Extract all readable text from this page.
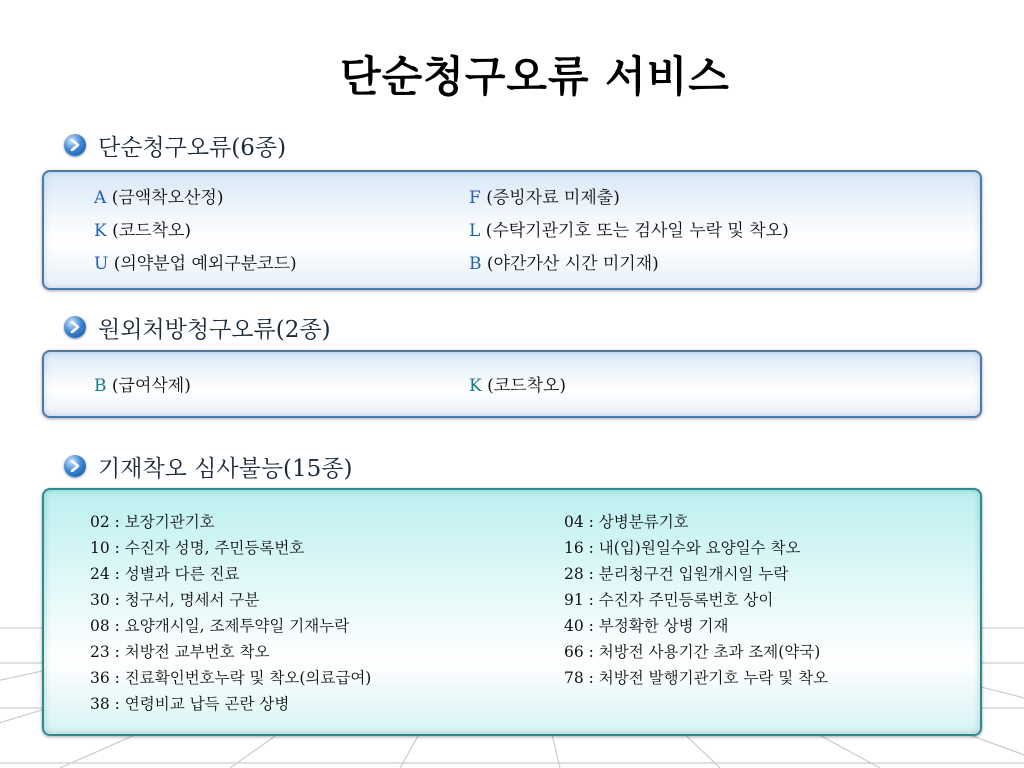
단순청구오류 서비스
단순청구오류(6종)
A (금액착오산정)
K (코드착오)
U (의약분업 예외구분코드)
F (증빙자료 미제출)
L (수탁기관기호 또는 검사일 누락 및 착오)
B (야간가산 시간 미기재)
원외처방청구오류(2종)
B (급여삭제)	K (코드착오)
기재착오 심사불능(15종)
02 : 보장기관기호
10 : 수진자 성명, 주민등록번호
24 : 성별과 다른 진료
30 : 청구서, 명세서 구분
08 : 요양개시일, 조제투약일 기재누락
23 : 처방전 교부번호 착오
36 : 진료확인번호누락 및 착오(의료급여)
38 : 연령비교 납득 곤란 상병
04 : 상병분류기호
16 : 내(입)원일수와 요양일수 착오
28 : 분리청구건 입원개시일 누락
91 : 수진자 주민등록번호 상이
40 : 부정확한 상병 기재
66 : 처방전 사용기간 초과 조제(약국)
78 : 처방전 발행기관기호 누락 및 착오
